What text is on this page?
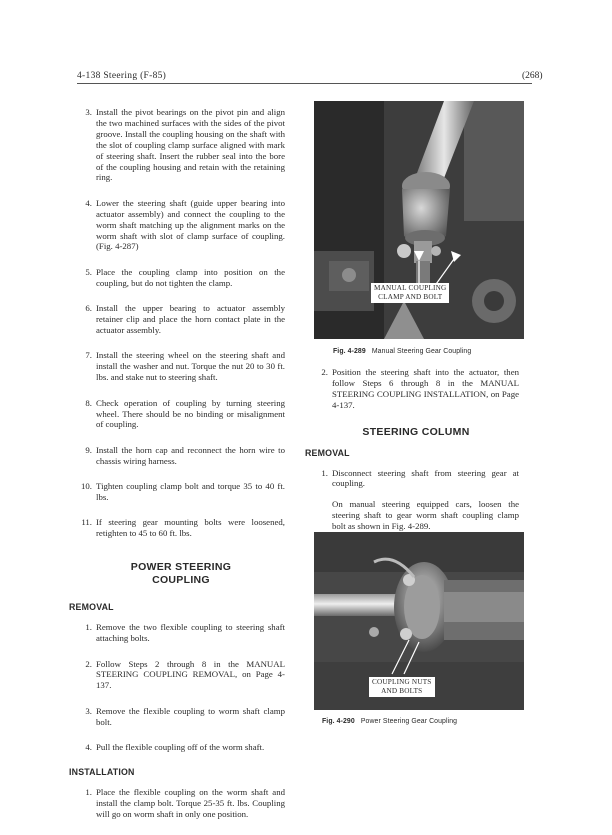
4-138 Steering (F-85)	(268)
3. Install the pivot bearings on the pivot pin and align the two machined surfaces with the sides of the pivot groove. Install the coupling housing on the shaft with the slot of coupling clamp surface aligned with mark of steering shaft. Insert the rubber seal into the bore of the coupling housing and retain with the retaining ring.
4. Lower the steering shaft (guide upper bearing into actuator assembly) and connect the coupling to the worm shaft matching up the alignment marks on the worm shaft with slot of clamp surface of coupling. (Fig. 4-287)
5. Place the coupling clamp into position on the coupling, but do not tighten the clamp.
6. Install the upper bearing to actuator assembly retainer clip and place the horn contact plate in the actuator assembly.
7. Install the steering wheel on the steering shaft and install the washer and nut. Torque the nut 20 to 30 ft. lbs. and stake nut to steering shaft.
8. Check operation of coupling by turning steering wheel. There should be no binding or misalignment of coupling.
9. Install the horn cap and reconnect the horn wire to chassis wiring harness.
10. Tighten coupling clamp bolt and torque 35 to 40 ft. lbs.
11. If steering gear mounting bolts were loosened, retighten to 45 to 60 ft. lbs.
POWER STEERING
COUPLING
REMOVAL
1. Remove the two flexible coupling to steering shaft attaching bolts.
2. Follow Steps 2 through 8 in the MANUAL STEERING COUPLING REMOVAL, on Page 4-137.
3. Remove the flexible coupling to worm shaft clamp bolt.
4. Pull the flexible coupling off of the worm shaft.
INSTALLATION
1. Place the flexible coupling on the worm shaft and install the clamp bolt. Torque 25-35 ft. lbs. Coupling will go on worm shaft in only one position.
MANUAL COUPLING
CLAMP AND BOLT
Fig. 4-289 Manual Steering Gear Coupling
2. Position the steering shaft into the actuator, then follow Steps 6 through 8 in the MANUAL STEERING COUPLING INSTALLATION, on Page 4-137.
STEERING COLUMN
REMOVAL
1. Disconnect steering shaft from steering gear at coupling.
On manual steering equipped cars, loosen the steering shaft to gear worm shaft coupling clamp bolt as shown in Fig. 4-289.
COUPLING NUTS
AND BOLTS
Fig. 4-290 Power Steering Gear Coupling
